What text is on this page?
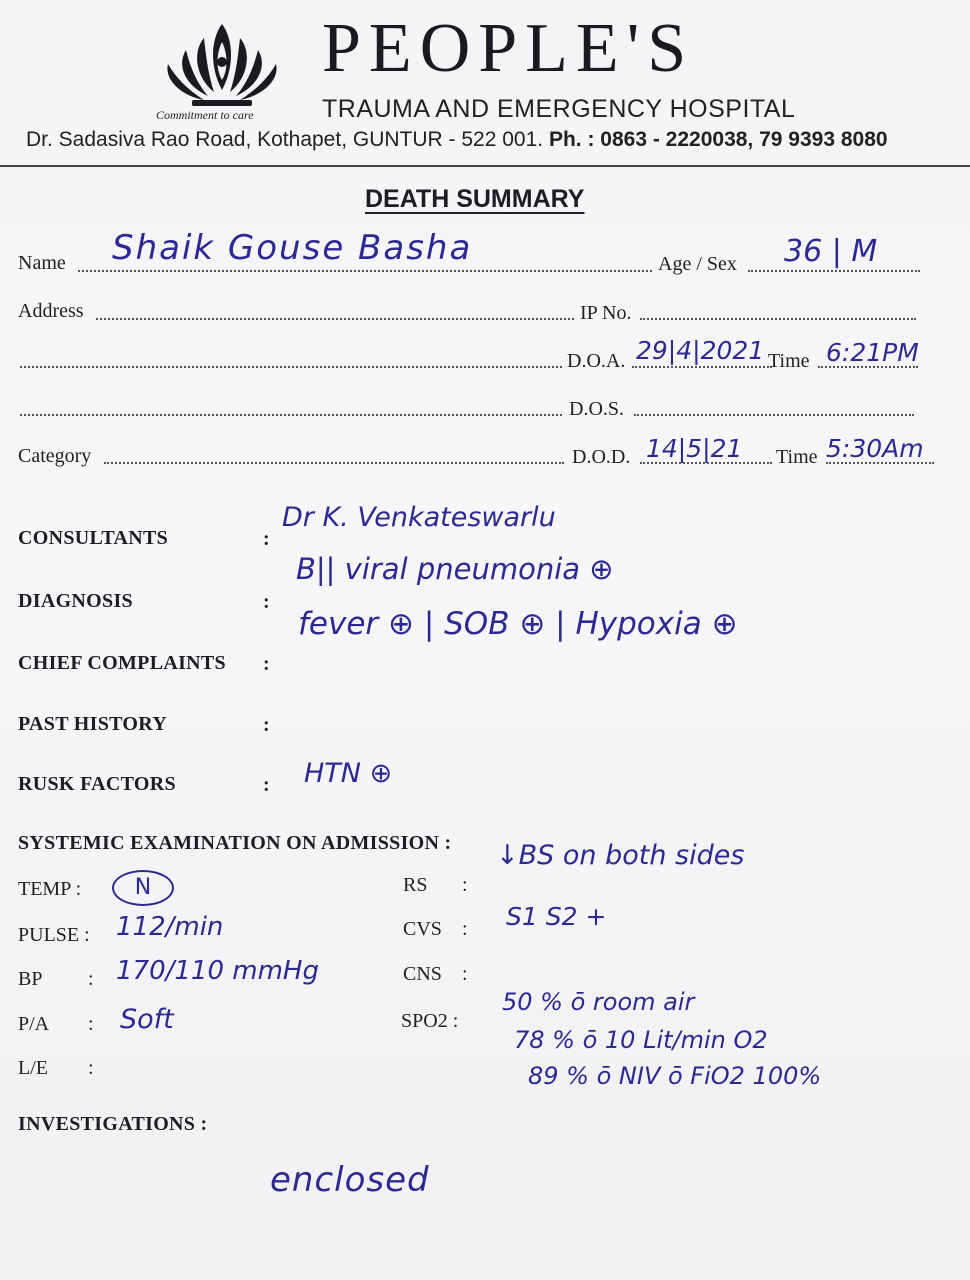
PEOPLE'S
TRAUMA AND EMERGENCY HOSPITAL
Commitment to care
Dr. Sadasiva Rao Road, Kothapet, GUNTUR - 522 001. Ph. : 0863 - 2220038, 79 9393 8080
DEATH SUMMARY
Name Shaik Gouse Basha	Age / Sex 36 | M
Address	IP No.
D.O.A. 29|4|2021 Time 6:21PM
D.O.S.
Category	D.O.D. 14|5|21 Time 5:30Am
CONSULTANTS	:
Dr K. Venkateswarlu
DIAGNOSIS	:
B|| viral pneumonia ⊕
CHIEF COMPLAINTS :
fever ⊕ | SOB ⊕ | Hypoxia ⊕
PAST HISTORY	:
RUSK FACTORS	: HTN ⊕
SYSTEMIC EXAMINATION ON ADMISSION :
TEMP :	N
PULSE : 112/min
BP : 170/110 mmHg
P/A : Soft
L/E :
RS :
↓BS on both sides
CVS : S1 S2 +
CNS :
SPO2 :
50 % ō room air
78 % ō 10 Lit/min O2
89 % ō NIV ō FiO2 100%
INVESTIGATIONS :
enclosed
